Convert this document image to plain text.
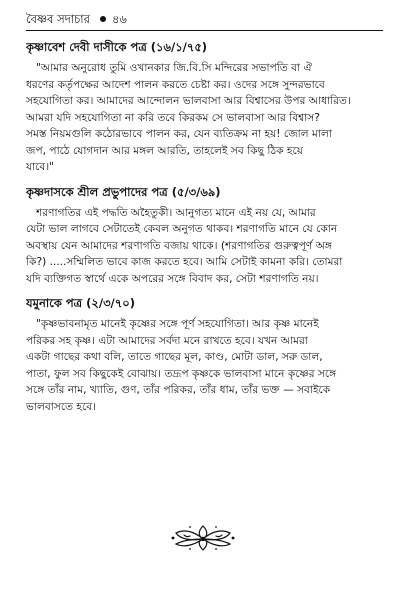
বৈষ্ণব সদাচার ৪৬
কৃষ্ণাবেশ দেবী দাসীকে পত্র (১৬/১/৭৫)
"আমার অনুরোধ তুমি ওখানকার জি.বি.সি মন্দিরের সভাপতি বা ঐ
ধরণের কর্তৃপক্ষের আদেশ পালন করতে চেষ্টা কর। ওদের সঙ্গে সুন্দরভাবে
সহযোগিতা কর। আমাদের আন্দোলন ভালবাসা আর বিশ্বাসের উপর আধারিত।
আমরা যদি সহযোগিতা না করি তবে কিরকম সে ভালবাসা আর বিশ্বাস?
সমস্ত নিয়মগুলি কঠোরভাবে পালন কর, যেন ব্যতিক্রম না হয়! জোল মালা
জপ, পাঠে যোগদান আর মঙ্গল আরতি, তাহলেই সব কিছু ঠিক হয়ে
যাবে।"
কৃষ্ণদাসকে শ্রীল প্রভুপাদের পত্র (৫/৩/৬৯)
শরণাগতির এই পদ্ধতি অহৈতুকী। আনুগত্য মানে এই নয় যে, আমার
যেটা ভাল লাগবে সেটাতেই কেবল অনুগত থাকব। শরণাগতি মানে যে কোন
অবস্থায় যেন আমাদের শরণাগতি বজায় থাকে। (শরণাগতির গুরুত্বপূর্ণ অঙ্গ
কি?) .....সম্মিলিত ভাবে কাজ করতে হবে। আমি সেটাই কামনা করি। তোমরা
যদি ব্যক্তিগত স্বার্থে একে অপরের সঙ্গে বিবাদ কর, সেটা শরণাগতি নয়।
যমুনাকে পত্র (২/৩/৭০)
"কৃষ্ণভাবনামৃত মানেই কৃষ্ণের সঙ্গে পূর্ণ সহযোগিতা। আর কৃষ্ণ মানেই
পরিকর সহ কৃষ্ণ। এটা আমাদের সর্বদা মনে রাখতে হবে। যখন আমরা
একটা গাছের কথা বলি, তাতে গাছের মূল, কাণ্ড, মোটা ডাল, সরু ডাল,
পাতা, ফুল সব কিছুকেই বোঝায়। তদ্রূপ কৃষ্ণকে ভালবাসা মানে কৃষ্ণের সঙ্গে
সঙ্গে তাঁর নাম, খ্যাতি, গুণ, তাঁর পরিকর, তাঁর ধাম, তাঁর ভক্ত — সবাইকে
ভালবাসতে হবে।
